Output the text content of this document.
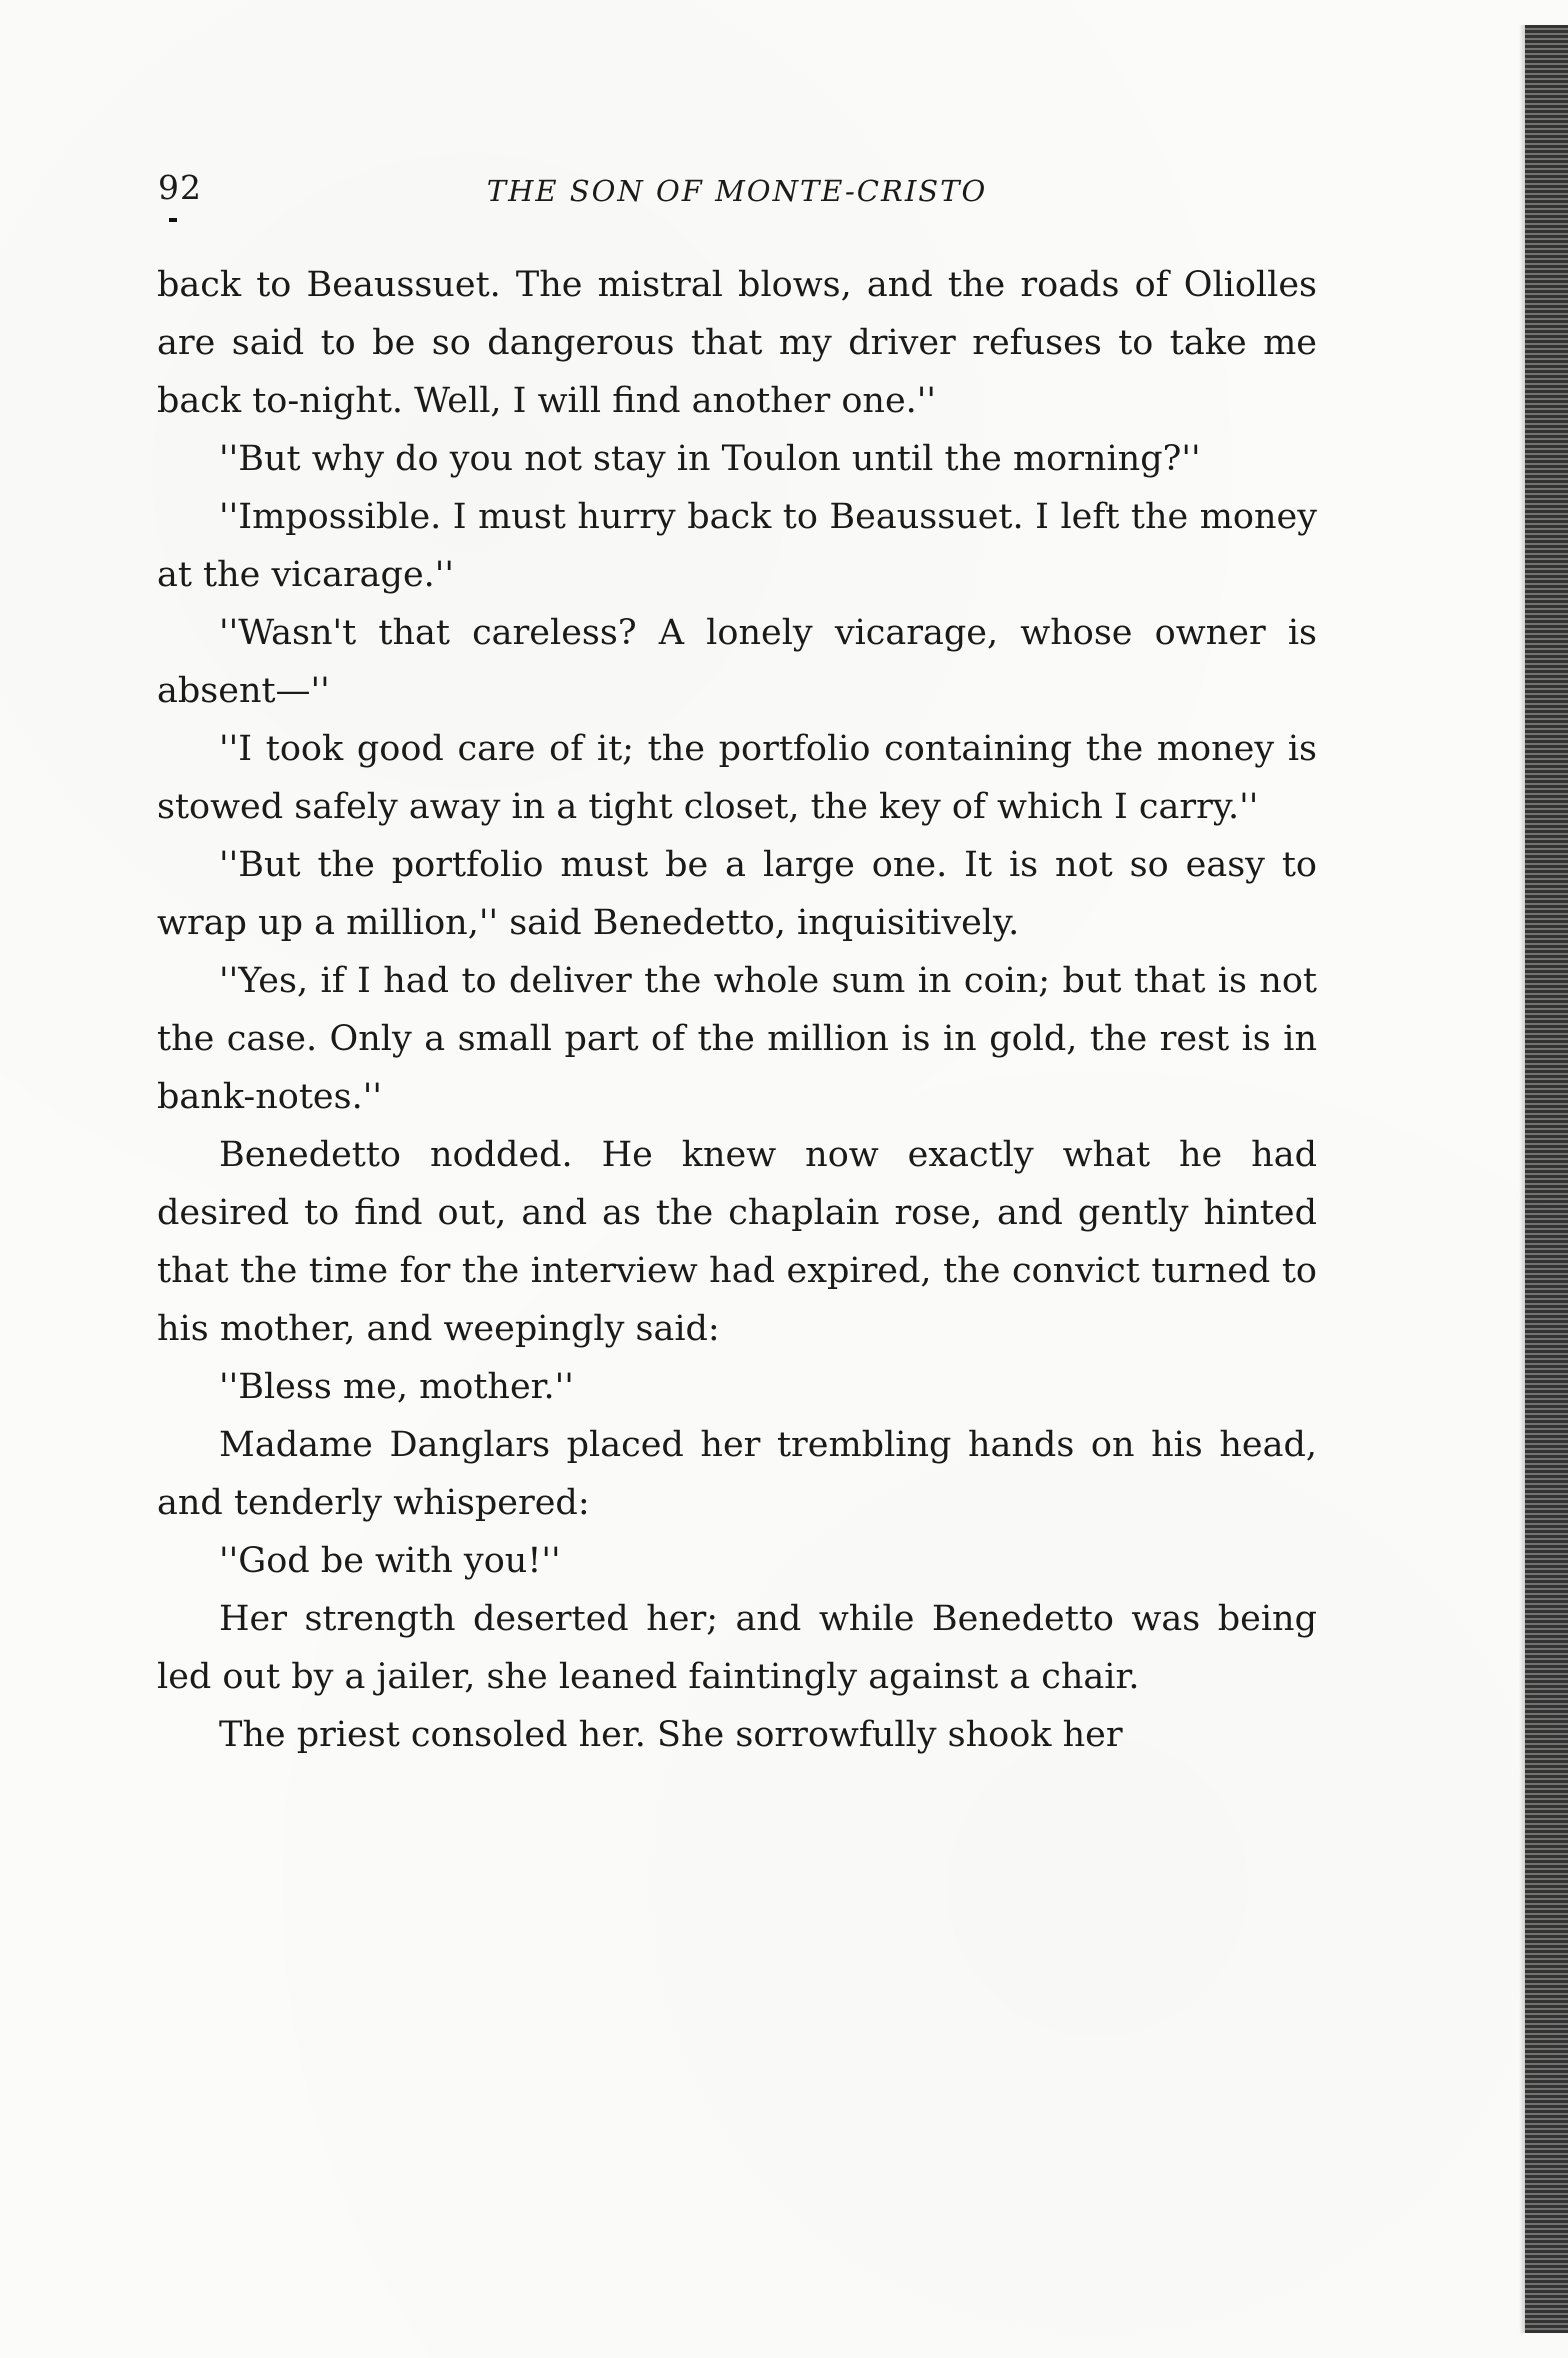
92	THE SON OF MONTE-CRISTO

back to Beaussuet. The mistral blows, and the roads of Oliolles are said to be so dangerous that my driver refuses to take me back to-night. Well, I will find another one.''

''But why do you not stay in Toulon until the morning?''

''Impossible. I must hurry back to Beaussuet. I left the money at the vicarage.''

''Wasn't that careless? A lonely vicarage, whose owner is absent—''

''I took good care of it; the portfolio containing the money is stowed safely away in a tight closet, the key of which I carry.''

''But the portfolio must be a large one. It is not so easy to wrap up a million,'' said Benedetto, inquisitively.

''Yes, if I had to deliver the whole sum in coin; but that is not the case. Only a small part of the million is in gold, the rest is in bank-notes.''

Benedetto nodded. He knew now exactly what he had desired to find out, and as the chaplain rose, and gently hinted that the time for the interview had expired, the convict turned to his mother, and weepingly said:

''Bless me, mother.''

Madame Danglars placed her trembling hands on his head, and tenderly whispered:

''God be with you!''

Her strength deserted her; and while Benedetto was being led out by a jailer, she leaned faintingly against a chair.

The priest consoled her. She sorrowfully shook her
